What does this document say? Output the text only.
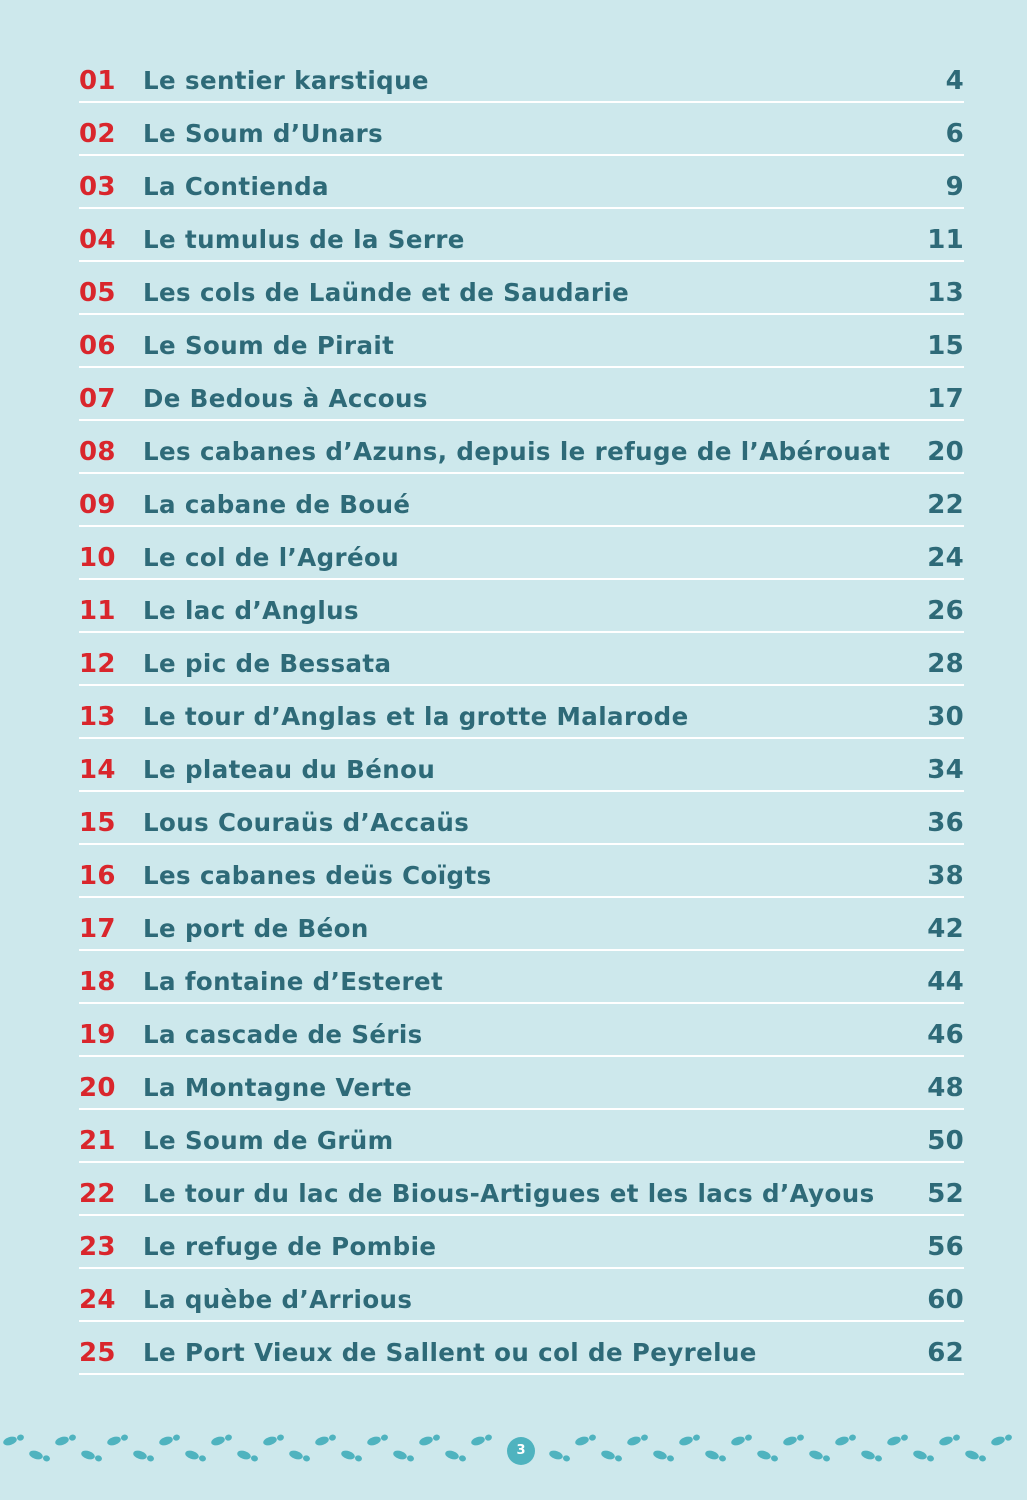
01	Le sentier karstique	4
02	Le Soum d’Unars	6
03	La Contienda	9
04	Le tumulus de la Serre	11
05	Les cols de Laünde et de Saudarie	13
06	Le Soum de Pirait	15
07	De Bedous à Accous	17
08	Les cabanes d’Azuns, depuis le refuge de l’Abérouat	20
09	La cabane de Boué	22
10	Le col de l’Agréou	24
11	Le lac d’Anglus	26
12	Le pic de Bessata	28
13	Le tour d’Anglas et la grotte Malarode	30
14	Le plateau du Bénou	34
15	Lous Couraüs d’Accaüs	36
16	Les cabanes deüs Coïgts	38
17	Le port de Béon	42
18	La fontaine d’Esteret	44
19	La cascade de Séris	46
20	La Montagne Verte	48
21	Le Soum de Grüm	50
22	Le tour du lac de Bious-Artigues et les lacs d’Ayous	52
23	Le refuge de Pombie	56
24	La quèbe d’Arrious	60
25	Le Port Vieux de Sallent ou col de Peyrelue	62
3
